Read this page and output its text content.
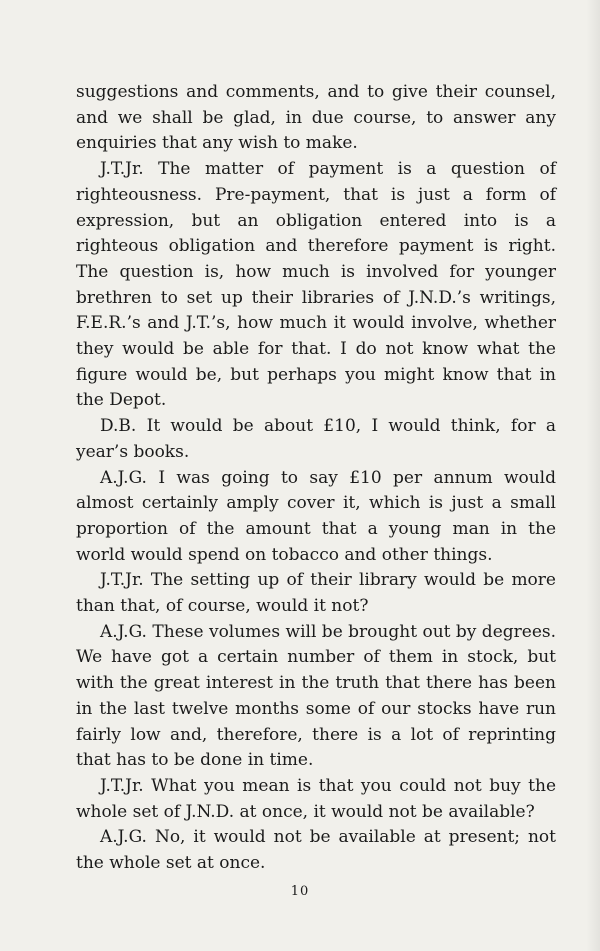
suggestions and comments, and to give their counsel, and we shall be glad, in due course, to answer any enquiries that any wish to make.

J.T.Jr. The matter of payment is a question of righteousness. Pre-payment, that is just a form of expression, but an obligation entered into is a righteous obligation and therefore payment is right. The question is, how much is involved for younger brethren to set up their libraries of J.N.D.’s writings, F.E.R.’s and J.T.’s, how much it would involve, whether they would be able for that. I do not know what the figure would be, but perhaps you might know that in the Depot.

D.B. It would be about £10, I would think, for a year’s books.

A.J.G. I was going to say £10 per annum would almost certainly amply cover it, which is just a small proportion of the amount that a young man in the world would spend on tobacco and other things.

J.T.Jr. The setting up of their library would be more than that, of course, would it not?

A.J.G. These volumes will be brought out by degrees. We have got a certain number of them in stock, but with the great interest in the truth that there has been in the last twelve months some of our stocks have run fairly low and, therefore, there is a lot of reprinting that has to be done in time.

J.T.Jr. What you mean is that you could not buy the whole set of J.N.D. at once, it would not be available?

A.J.G. No, it would not be available at present; not the whole set at once.

10
